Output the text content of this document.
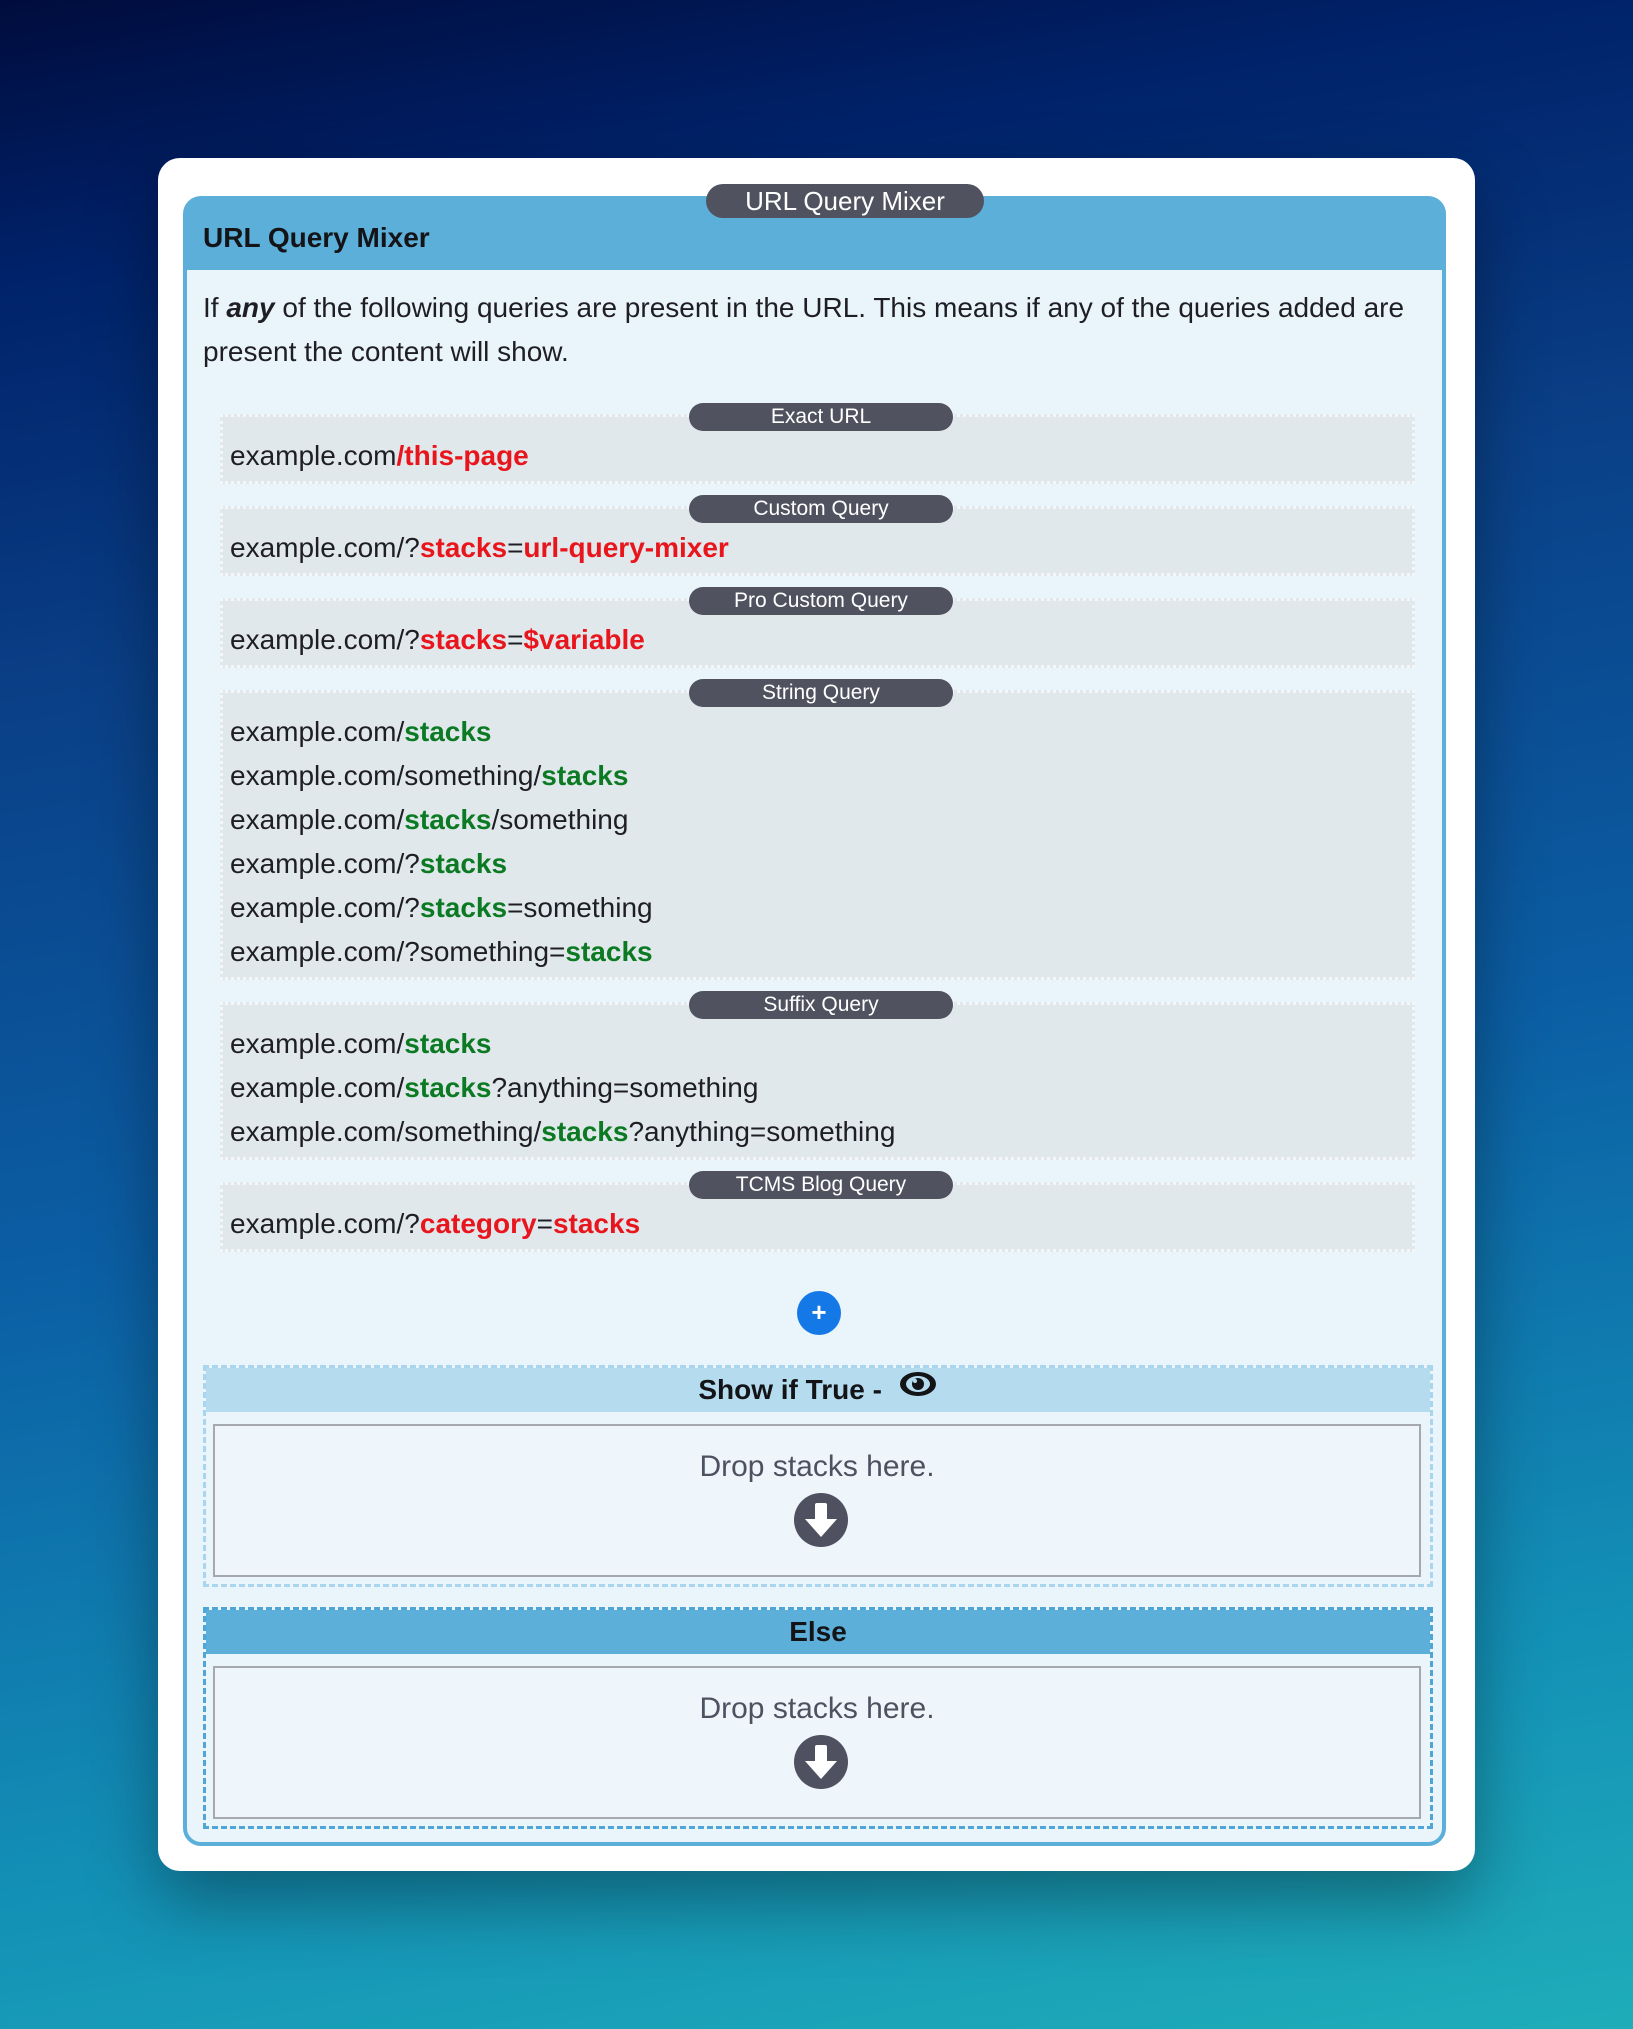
URL Query Mixer
URL Query Mixer
If any of the following queries are present in the URL. This means if any of the queries added are present the content will show.
Exact URL
example.com/this-page
Custom Query
example.com/?stacks=url-query-mixer
Pro Custom Query
example.com/?stacks=$variable
String Query
example.com/stacks
example.com/something/stacks
example.com/stacks/something
example.com/?stacks
example.com/?stacks=something
example.com/?something=stacks
Suffix Query
example.com/stacks
example.com/stacks?anything=something
example.com/something/stacks?anything=something
TCMS Blog Query
example.com/?category=stacks
+
Show if True -
Drop stacks here.
Else
Drop stacks here.
